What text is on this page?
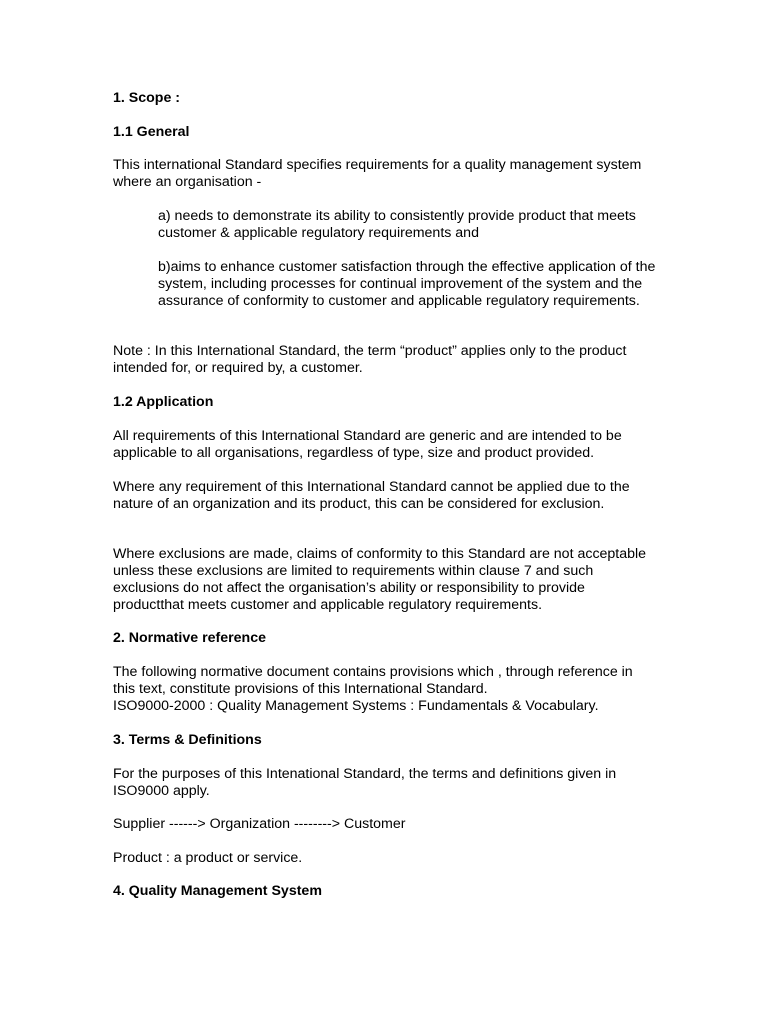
1. Scope :

1.1 General

This international Standard specifies requirements for a quality management system where an organisation -

a) needs to demonstrate its ability to consistently provide product that meets customer & applicable regulatory requirements and

b)aims to enhance customer satisfaction through the effective application of the system, including processes for continual improvement of the system and the assurance of conformity to customer and applicable regulatory requirements.

Note : In this International Standard, the term “product” applies only to the product intended for, or required by, a customer.

1.2 Application

All requirements of this International Standard are generic and are intended to be applicable to all organisations, regardless of type, size and product provided.

Where any requirement of this International Standard cannot be applied due to the nature of an organization and its product, this can be considered for exclusion.

Where exclusions are made, claims of conformity to this Standard are not acceptable unless these exclusions are limited to requirements within clause 7 and such exclusions do not affect the organisation’s ability or responsibility to provide productthat meets customer and applicable regulatory requirements.

2. Normative reference

The following normative document contains provisions which , through reference in this text, constitute provisions of this International Standard.

ISO9000-2000 : Quality Management Systems : Fundamentals & Vocabulary.

3. Terms & Definitions

For the purposes of this Intenational Standard, the terms and definitions given in ISO9000 apply.

Supplier ------> Organization --------> Customer

Product : a product or service.

4. Quality Management System
